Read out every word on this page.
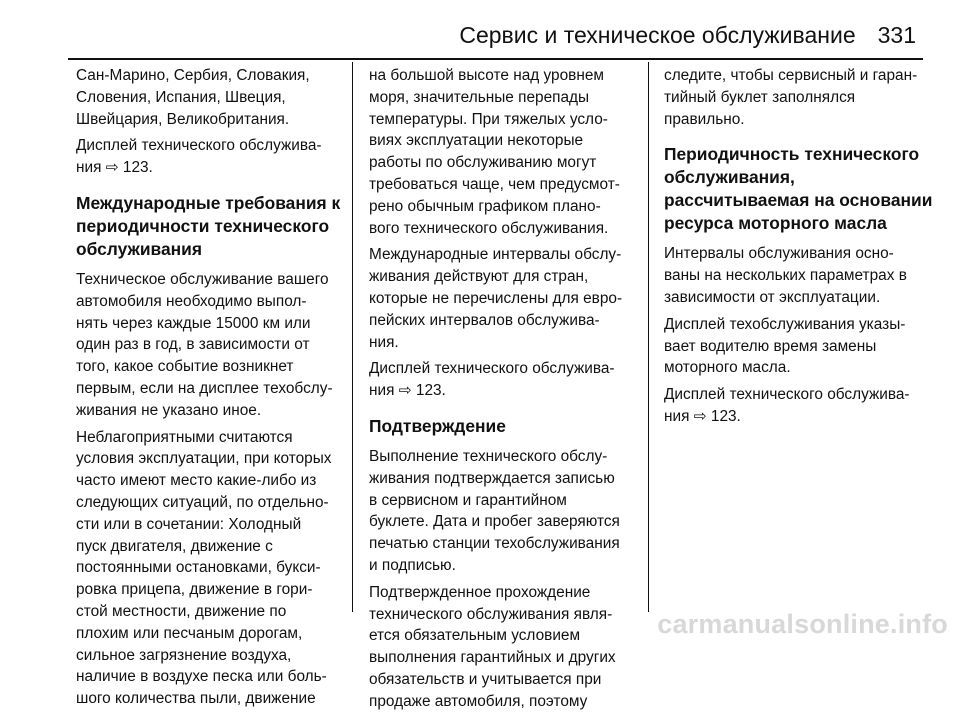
Сервис и техническое обслуживание 331

Сан-Марино, Сербия, Словакия,
Словения, Испания, Швеция,
Швейцария, Великобритания.

Дисплей технического обслужива-
ния ⇨ 123.

Международные требования к
периодичности технического
обслуживания

Техническое обслуживание вашего
автомобиля необходимо выпол-
нять через каждые 15000 км или
один раз в год, в зависимости от
того, какое событие возникнет
первым, если на дисплее техобслу-
живания не указано иное.

Неблагоприятными считаются
условия эксплуатации, при которых
часто имеют место какие-либо из
следующих ситуаций, по отдельно-
сти или в сочетании: Холодный
пуск двигателя, движение с
постоянными остановками, букси-
ровка прицепа, движение в гори-
стой местности, движение по
плохим или песчаным дорогам,
сильное загрязнение воздуха,
наличие в воздухе песка или боль-
шого количества пыли, движение

на большой высоте над уровнем
моря, значительные перепады
температуры. При тяжелых усло-
виях эксплуатации некоторые
работы по обслуживанию могут
требоваться чаще, чем предусмот-
рено обычным графиком плано-
вого технического обслуживания.

Международные интервалы обслу-
живания действуют для стран,
которые не перечислены для евро-
пейских интервалов обслужива-
ния.

Дисплей технического обслужива-
ния ⇨ 123.

Подтверждение

Выполнение технического обслу-
живания подтверждается записью
в сервисном и гарантийном
буклете. Дата и пробег заверяются
печатью станции техобслуживания
и подписью.

Подтвержденное прохождение
технического обслуживания явля-
ется обязательным условием
выполнения гарантийных и других
обязательств и учитывается при
продаже автомобиля, поэтому

следите, чтобы сервисный и гаран-
тийный буклет заполнялся
правильно.

Периодичность технического
обслуживания,
рассчитываемая на основании
ресурса моторного масла

Интервалы обслуживания осно-
ваны на нескольких параметрах в
зависимости от эксплуатации.

Дисплей техобслуживания указы-
вает водителю время замены
моторного масла.

Дисплей технического обслужива-
ния ⇨ 123.

carmanualsonline.info
